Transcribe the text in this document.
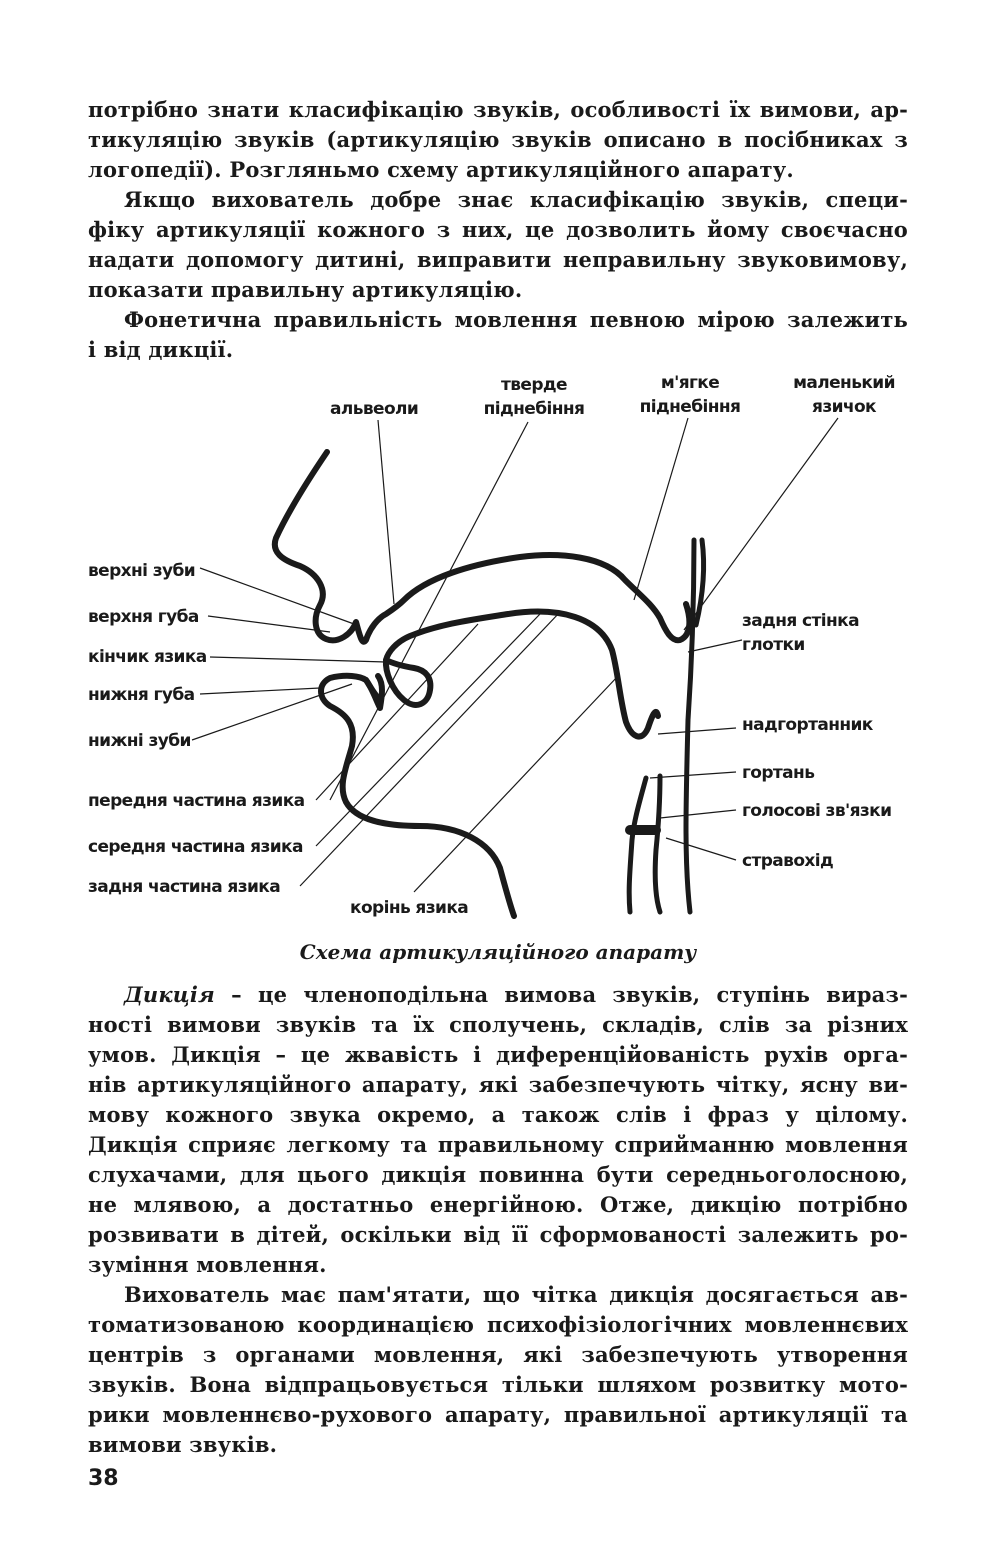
потрібно знати класифікацію звуків, особливості їх вимови, ар-
тикуляцію звуків (артикуляцію звуків описано в посібниках з
логопедії). Розгляньмо схему артикуляційного апарату.
Якщо вихователь добре знає класифікацію звуків, специ-
фіку артикуляції кожного з них, це дозволить йому своєчасно
надати допомогу дитині, виправити неправильну звуковимову,
показати правильну артикуляцію.
Фонетична правильність мовлення певною мірою залежить
і від дикції.
альвеоли
тверде
піднебіння
м'ягке
піднебіння
маленький
язичок
верхні зуби
верхня губа
кінчик язика
нижня губа
нижні зуби
передня частина язика
середня частина язика
задня частина язика
корінь язика
задня стінка
глотки
надгортанник
гортань
голосові зв'язки
стравохід
Схема артикуляційного апарату
Дикція – це членоподільна вимова звуків, ступінь вираз-
ності вимови звуків та їх сполучень, складів, слів за різних
умов. Дикція – це жвавість і диференційованість рухів орга-
нів артикуляційного апарату, які забезпечують чітку, ясну ви-
мову кожного звука окремо, а також слів і фраз у цілому.
Дикція сприяє легкому та правильному сприйманню мовлення
слухачами, для цього дикція повинна бути середньоголосною,
не млявою, а достатньо енергійною. Отже, дикцію потрібно
розвивати в дітей, оскільки від її сформованості залежить ро-
зуміння мовлення.
Вихователь має пам'ятати, що чітка дикція досягається ав-
томатизованою координацією психофізіологічних мовленнєвих
центрів з органами мовлення, які забезпечують утворення
звуків. Вона відпрацьовується тільки шляхом розвитку мото-
рики мовленнєво-рухового апарату, правильної артикуляції та
вимови звуків.
38
